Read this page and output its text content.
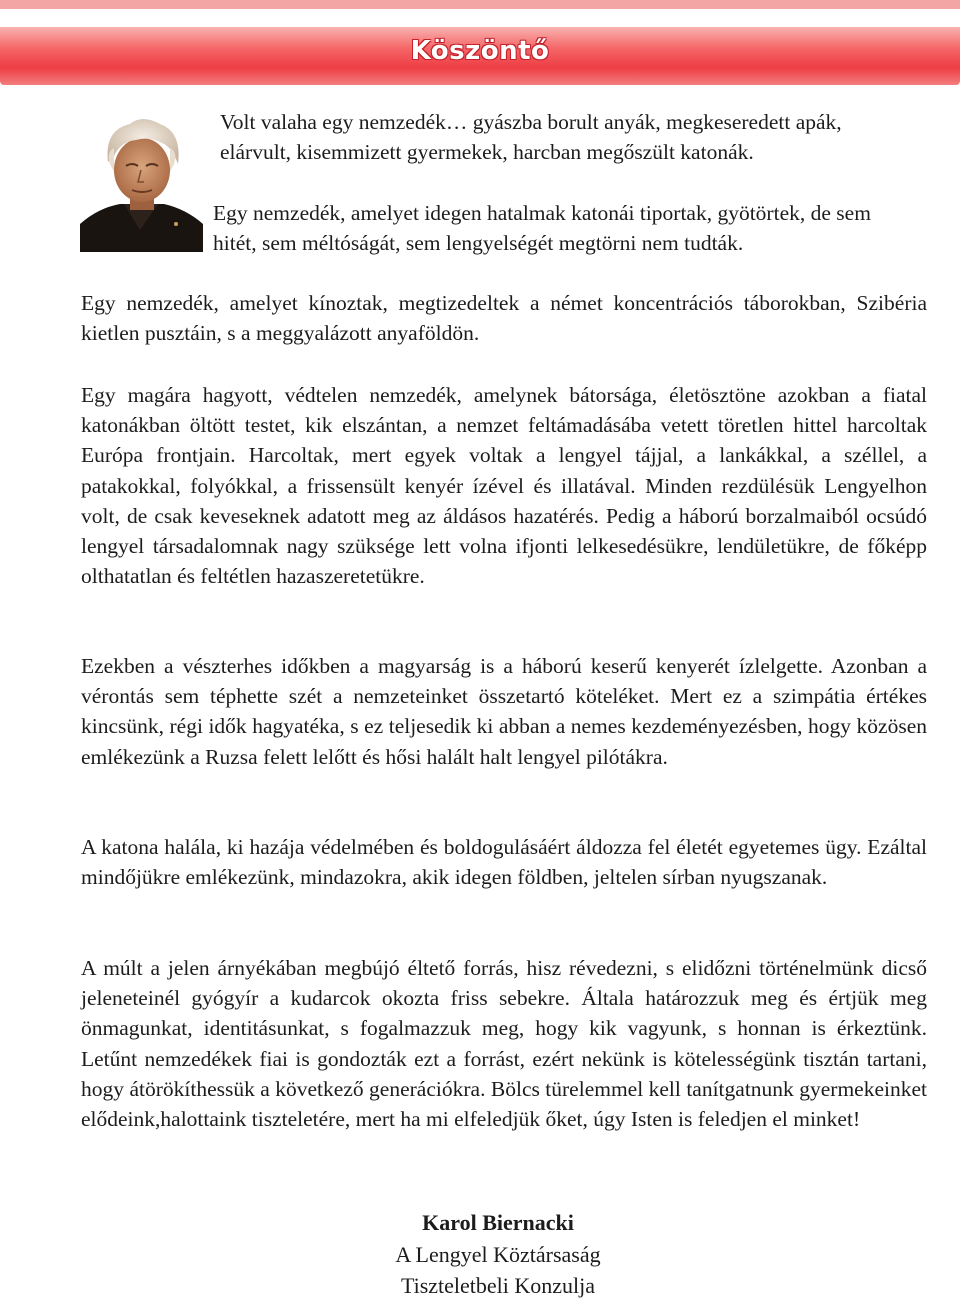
Köszöntő

Volt valaha egy nemzedék… gyászba borult anyák, megkeseredett apák, elárvult, kisemmizett gyermekek, harcban megőszült katonák.

Egy nemzedék, amelyet idegen hatalmak katonái tiportak, gyötörtek, de sem hitét, sem méltóságát, sem lengyelségét megtörni nem tudták.

Egy nemzedék, amelyet kínoztak, megtizedeltek a német koncentrációs táborokban, Szibéria kietlen pusztáin, s a meggyalázott anyaföldön.

Egy magára hagyott, védtelen nemzedék, amelynek bátorsága, életösztöne azokban a fiatal katonákban öltött testet, kik elszántan, a nemzet feltámadásába vetett töretlen hittel harcoltak Európa frontjain. Harcoltak, mert egyek voltak a lengyel tájjal, a lankákkal, a széllel, a patakokkal, folyókkal, a frissensült kenyér ízével és illatával. Minden rezdülésük Lengyelhon volt, de csak keveseknek adatott meg az áldásos hazatérés. Pedig a háború borzalmaiból ocsúdó lengyel társadalomnak nagy szüksége lett volna ifjonti lelkesedésükre, lendületükre, de főképp olthatatlan és feltétlen hazaszeretetükre.

Ezekben a vészterhes időkben a magyarság is a háború keserű kenyerét ízlelgette. Azonban a vérontás sem téphette szét a nemzeteinket összetartó köteléket. Mert ez a szimpátia értékes kincsünk, régi idők hagyatéka, s ez teljesedik ki abban a nemes kezdeményezésben, hogy közösen emlékezünk a Ruzsa felett lelőtt és hősi halált halt lengyel pilótákra.

A katona halála, ki hazája védelmében és boldogulásáért áldozza fel életét egyetemes ügy. Ezáltal mindőjükre emlékezünk, mindazokra, akik idegen földben, jeltelen sírban nyugszanak.

A múlt a jelen árnyékában megbújó éltető forrás, hisz révedezni, s elidőzni történelmünk dicső jeleneteinél gyógyír a kudarcok okozta friss sebekre. Általa határozzuk meg és értjük meg önmagunkat, identitásunkat, s fogalmazzuk meg, hogy kik vagyunk, s honnan is érkeztünk. Letűnt nemzedékek fiai is gondozták ezt a forrást, ezért nekünk is kötelességünk tisztán tartani, hogy átörökíthessük a következő generációkra. Bölcs türelemmel kell tanítgatnunk gyermekeinket elődeink,halottaink tiszteletére, mert ha mi elfeledjük őket, úgy Isten is feledjen el minket!

Karol Biernacki
A Lengyel Köztársaság
Tiszteletbeli Konzulja
